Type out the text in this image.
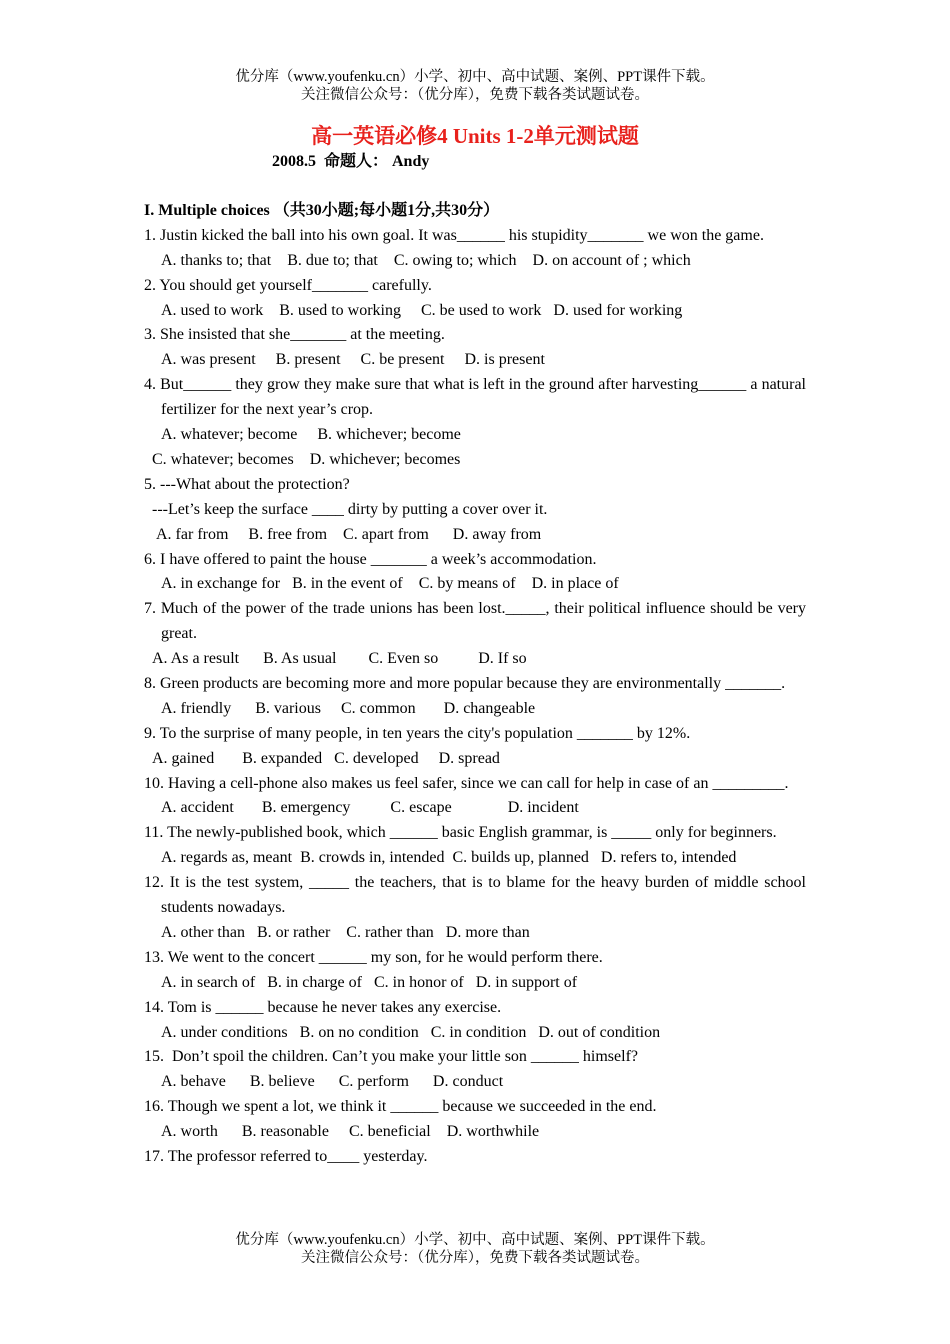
优分库（www.youfenku.cn）小学、初中、高中试题、案例、PPT课件下载。
关注微信公众号：（优分库），免费下载各类试题试卷。
高一英语必修4 Units 1-2单元测试题
2008.5 命题人： Andy
I. Multiple choices （共30小题;每小题1分,共30分）
1. Justin kicked the ball into his own goal. It was______ his stupidity_______ we won the game.
A. thanks to; that    B. due to; that    C. owing to; which    D. on account of ; which
2. You should get yourself_______ carefully.
A. used to work    B. used to working     C. be used to work   D. used for working
3. She insisted that she_______ at the meeting.
A. was present     B. present     C. be present     D. is present
4. But______ they grow they make sure that what is left in the ground after harvesting______ a natural fertilizer for the next year’s crop.
A. whatever; become     B. whichever; become
C. whatever; becomes    D. whichever; becomes
5. ---What about the protection?
---Let’s keep the surface ____ dirty by putting a cover over it.
A. far from     B. free from    C. apart from      D. away from
6. I have offered to paint the house _______ a week’s accommodation.
A. in exchange for   B. in the event of    C. by means of    D. in place of
7. Much of the power of the trade unions has been lost._____, their political influence should be very great.
A. As a result      B. As usual        C. Even so          D. If so
8. Green products are becoming more and more popular because they are environmentally _______.
A. friendly      B. various     C. common       D. changeable
9. To the surprise of many people, in ten years the city's population _______ by 12%.
A. gained       B. expanded   C. developed     D. spread
10. Having a cell-phone also makes us feel safer, since we can call for help in case of an _________.
A. accident       B. emergency          C. escape              D. incident
11. The newly-published book, which ______ basic English grammar, is _____ only for beginners.
A. regards as, meant  B. crowds in, intended  C. builds up, planned   D. refers to, intended
12. It is the test system, _____ the teachers, that is to blame for the heavy burden of middle school students nowadays.
A. other than   B. or rather    C. rather than   D. more than
13. We went to the concert ______ my son, for he would perform there.
A. in search of   B. in charge of   C. in honor of   D. in support of
14. Tom is ______ because he never takes any exercise.
A. under conditions   B. on no condition   C. in condition   D. out of condition
15.  Don’t spoil the children. Can’t you make your little son ______ himself?
A. behave      B. believe      C. perform      D. conduct
16. Though we spent a lot, we think it ______ because we succeeded in the end.
A. worth      B. reasonable     C. beneficial    D. worthwhile
17. The professor referred to____ yesterday.
优分库（www.youfenku.cn）小学、初中、高中试题、案例、PPT课件下载。
关注微信公众号：（优分库），免费下载各类试题试卷。
